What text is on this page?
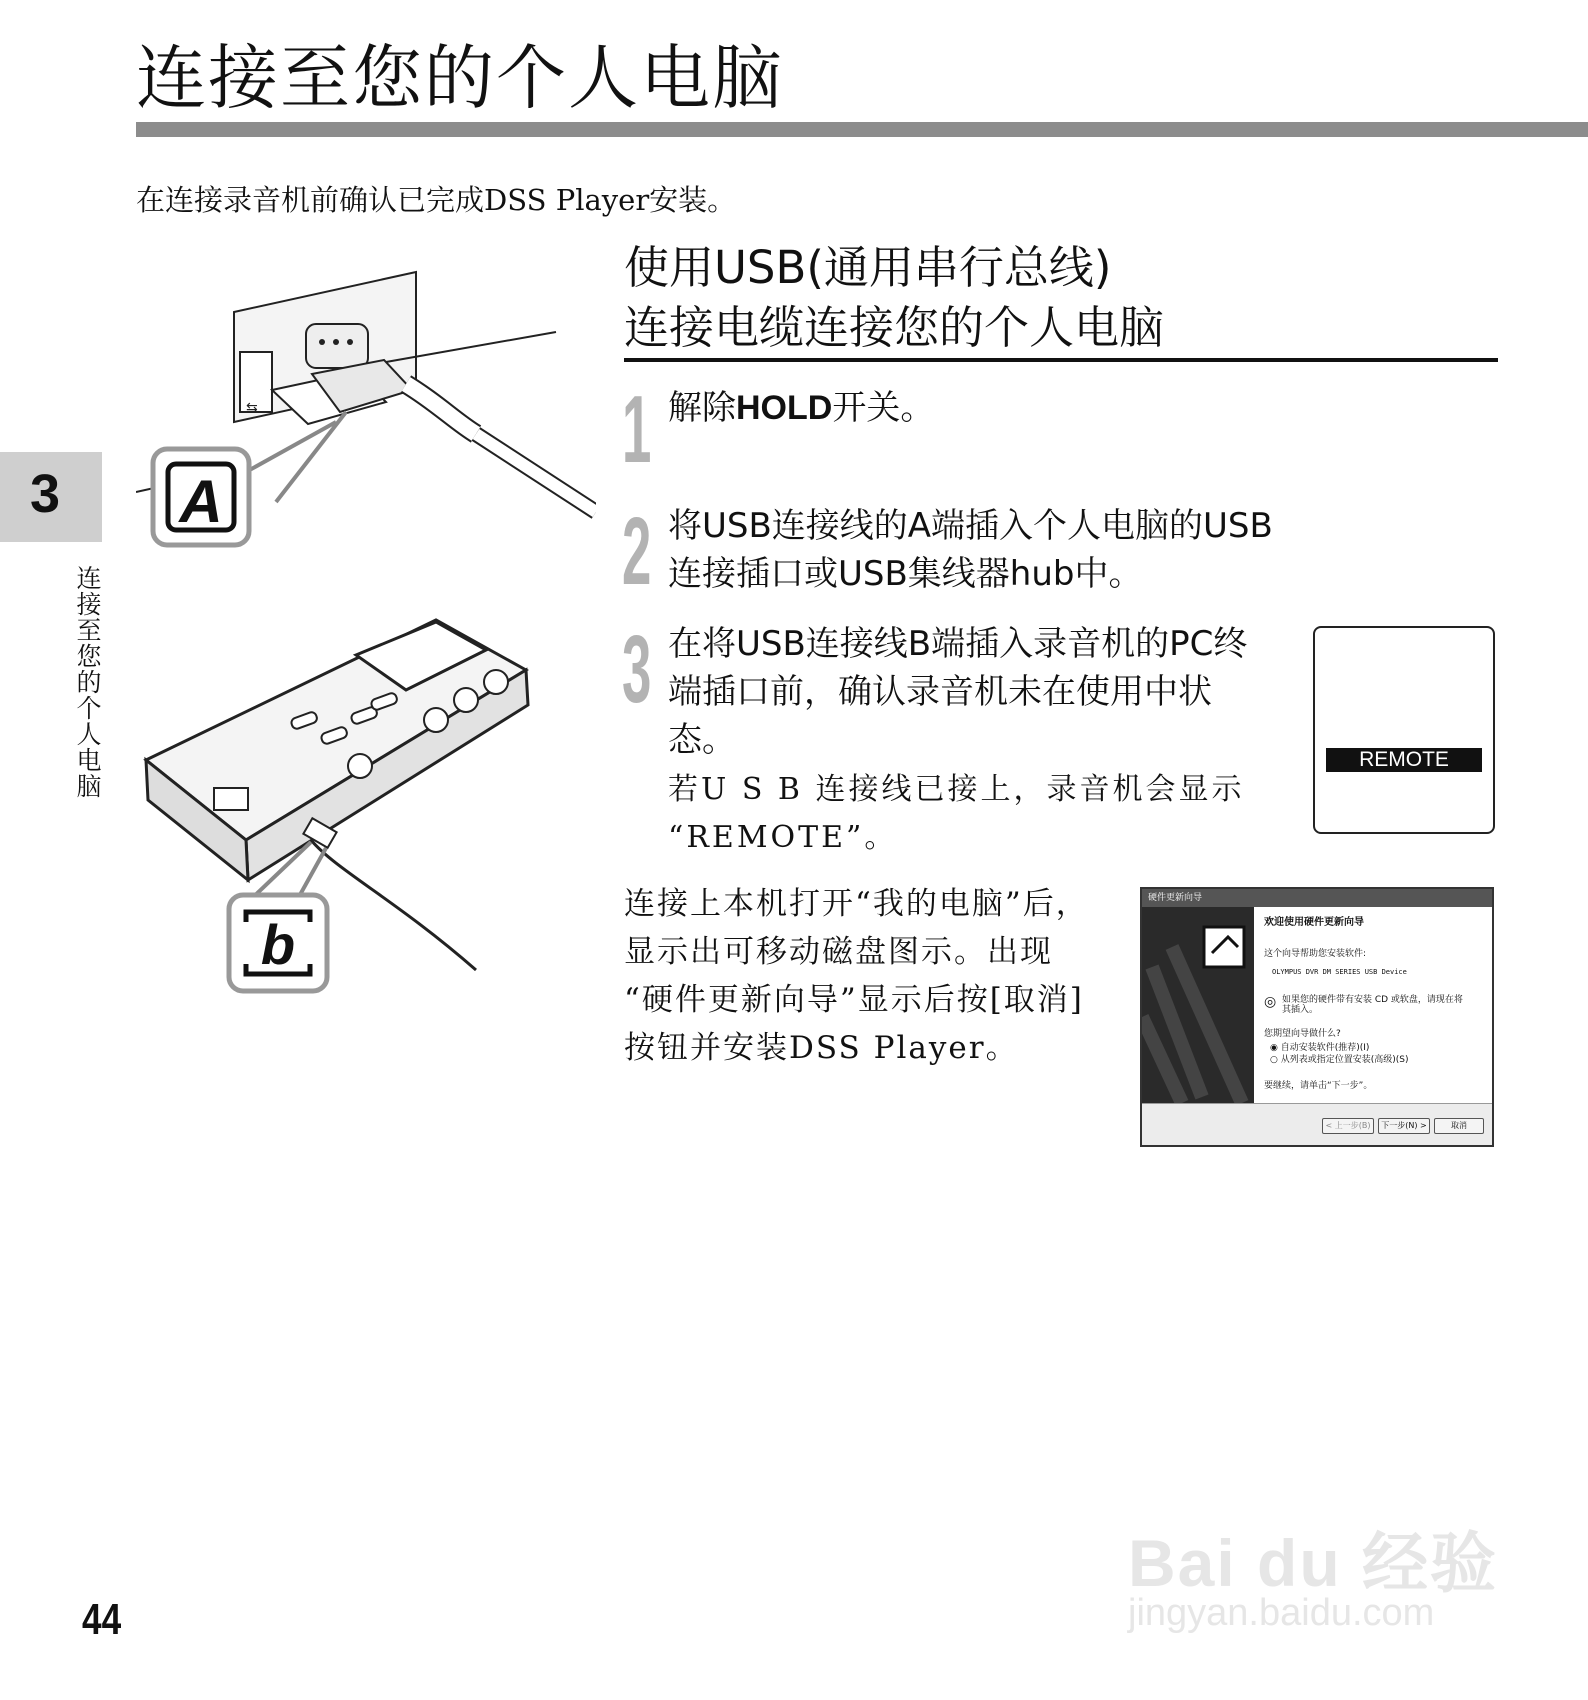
连接至您的个人电脑
在连接录音机前确认已完成DSS Player安装。
3
连接至您的个人电脑
⇆
A
b
使用USB(通用串行总线)
连接电缆连接您的个人电脑
1 解除HOLD开关。
2 将USB连接线的A端插入个人电脑的USB
连接插口或USB集线器hub中。
3 在将USB连接线B端插入录音机的PC终
端插口前，确认录音机未在使用中状
态。
若U S B 连接线已接上，录音机会显示
“REMOTE”。
REMOTE
连接上本机打开“我的电脑”后，
显示出可移动磁盘图示。出现
“硬件更新向导”显示后按[取消]
按钮并安装DSS Player。
硬件更新向导
欢迎使用硬件更新向导
这个向导帮助您安装软件:
OLYMPUS DVR DM SERIES USB Device
◎ 如果您的硬件带有安装 CD 或软盘，请现在将
其插入。
您期望向导做什么?
◉ 自动安装软件(推荐)(I)
○ 从列表或指定位置安装(高级)(S)
要继续，请单击“下一步”。
< 上一步(B)	下一步(N) >	取消
44
Bai du 经验
jingyan.baidu.com
